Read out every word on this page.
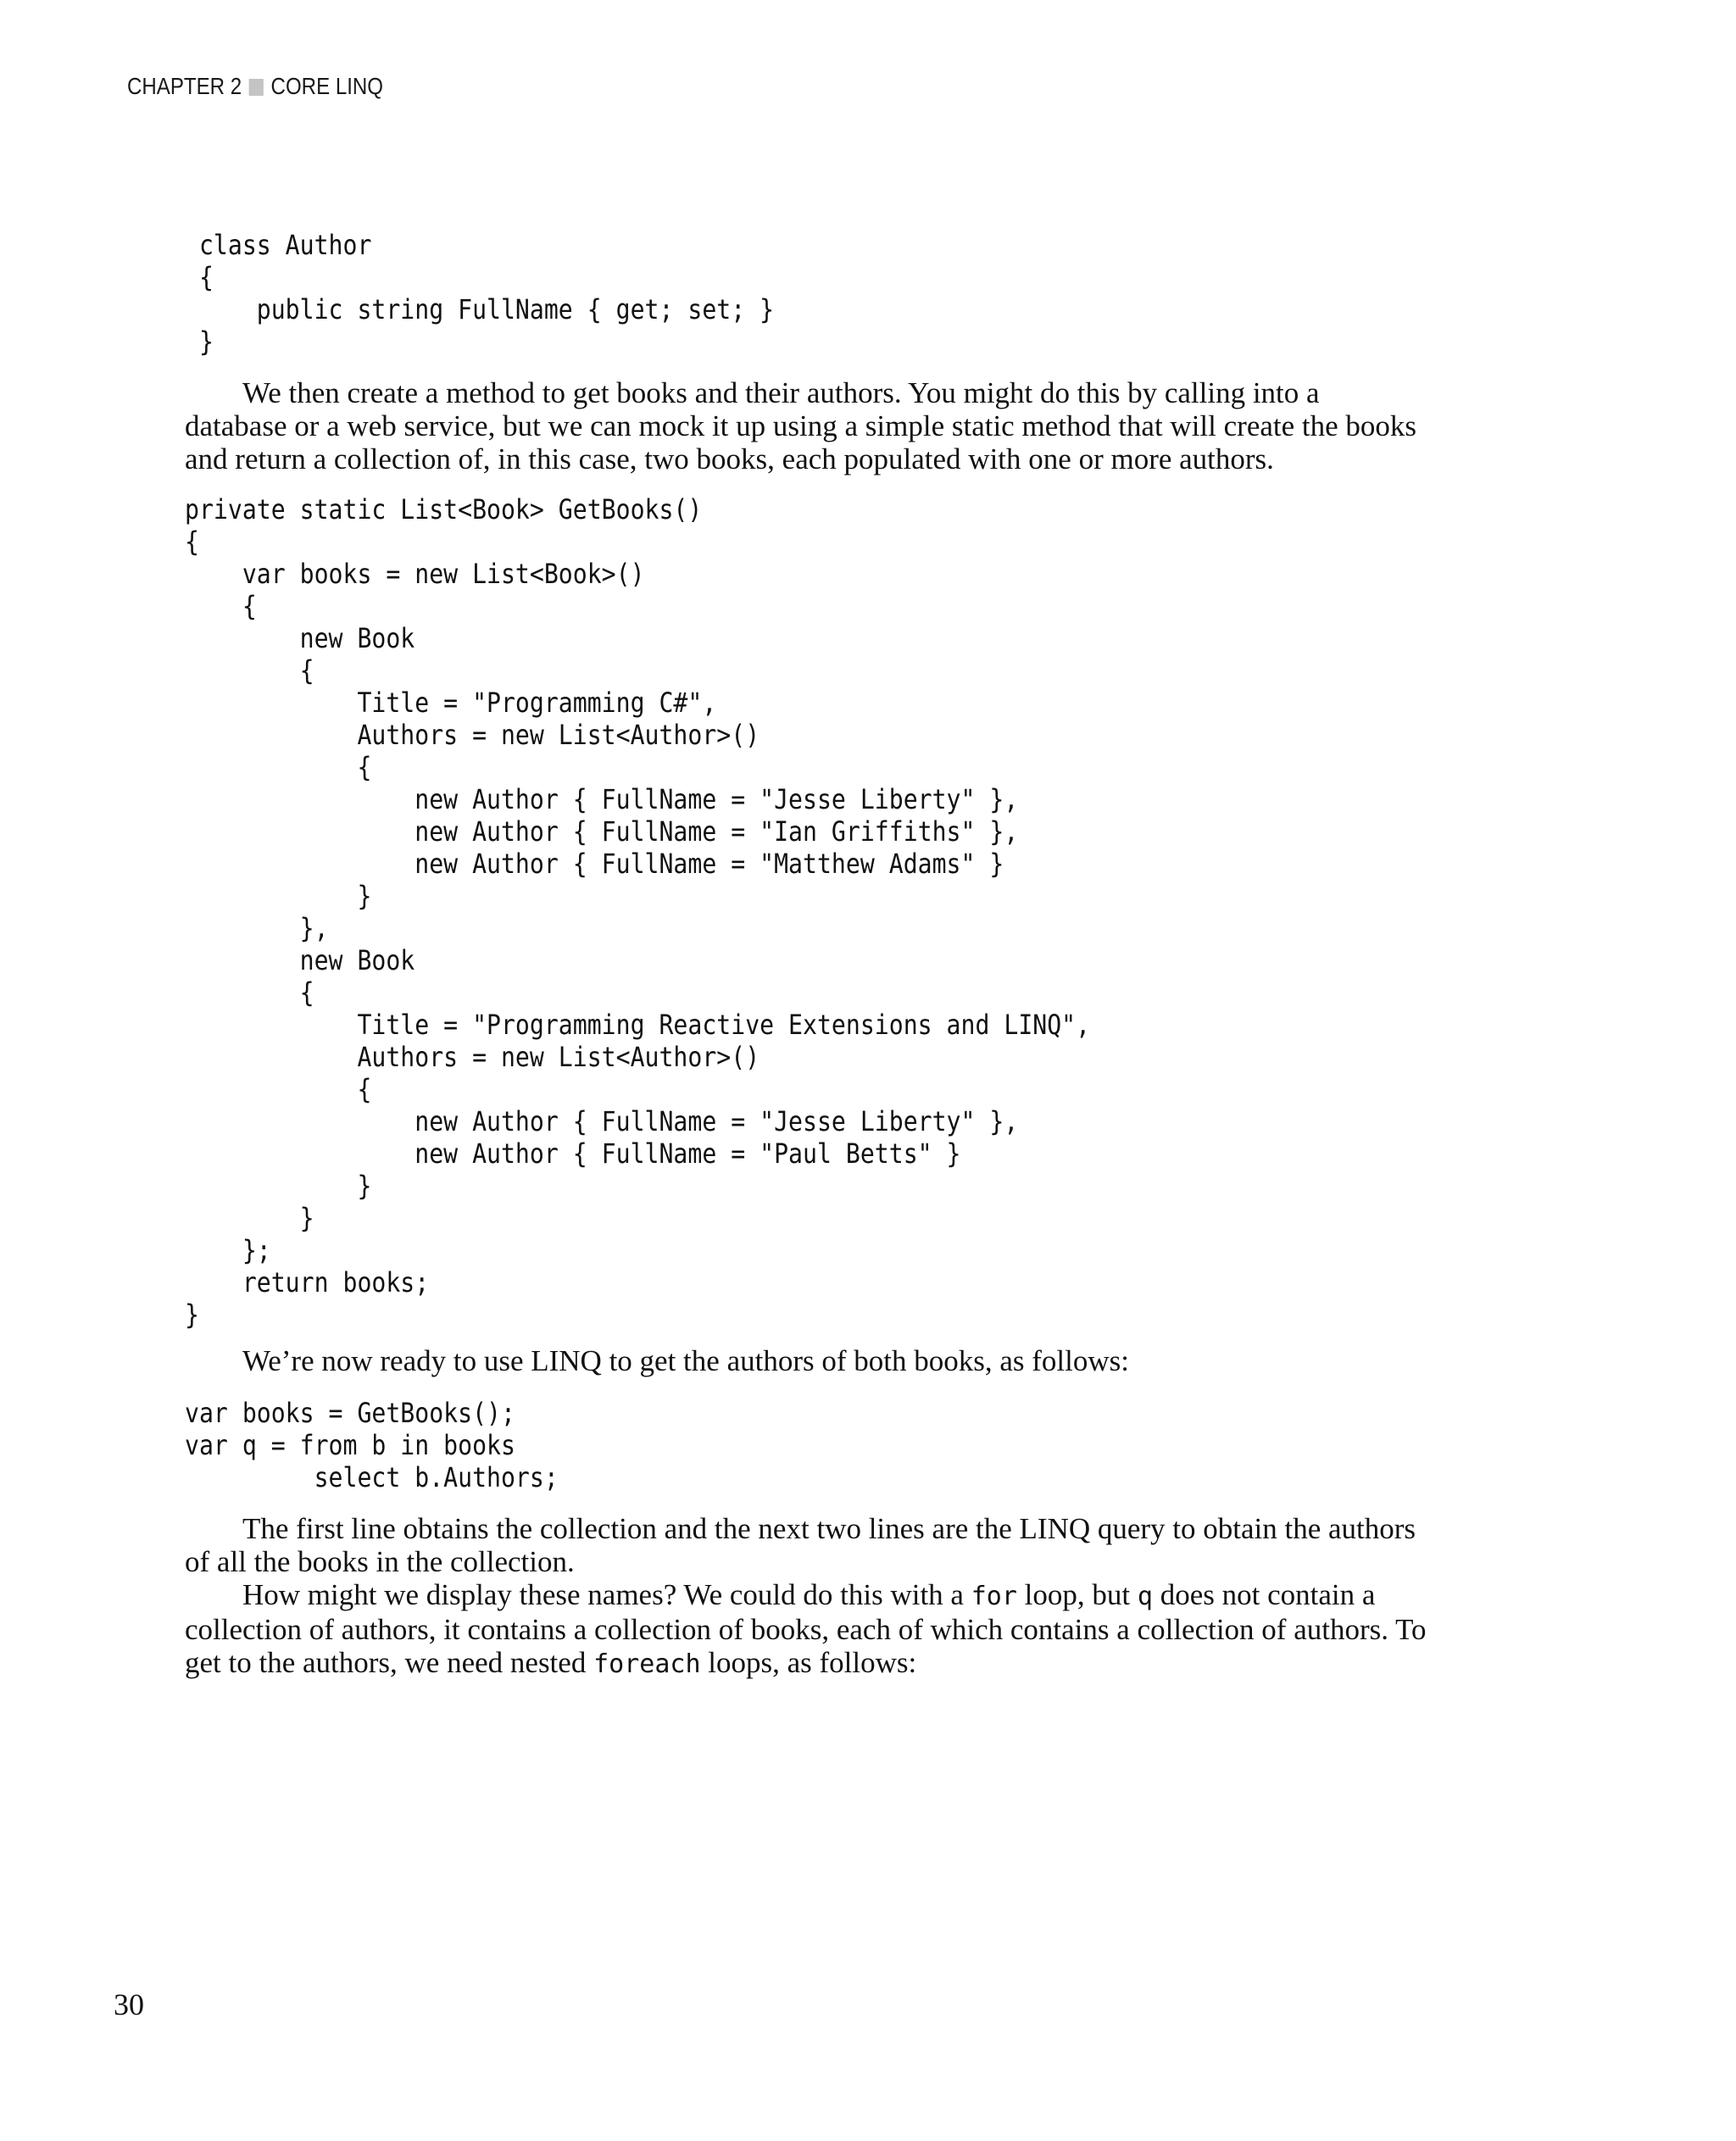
CHAPTER 2 CORE LINQ
class Author
{
public string FullName { get; set; }
}
We then create a method to get books and their authors. You might do this by calling into a
database or a web service, but we can mock it up using a simple static method that will create the books
and return a collection of, in this case, two books, each populated with one or more authors.
private static List<Book> GetBooks()
{
var books = new List<Book>()
{
new Book
{
Title = "Programming C#",
Authors = new List<Author>()
{
new Author { FullName = "Jesse Liberty" },
new Author { FullName = "Ian Griffiths" },
new Author { FullName = "Matthew Adams" }
}
},
new Book
{
Title = "Programming Reactive Extensions and LINQ",
Authors = new List<Author>()
{
new Author { FullName = "Jesse Liberty" },
new Author { FullName = "Paul Betts" }
}
}
};
return books;
}
We’re now ready to use LINQ to get the authors of both books, as follows:
var books = GetBooks();
var q = from b in books
select b.Authors;
The first line obtains the collection and the next two lines are the LINQ query to obtain the authors
of all the books in the collection.
How might we display these names? We could do this with a for loop, but q does not contain a
collection of authors, it contains a collection of books, each of which contains a collection of authors. To
get to the authors, we need nested foreach loops, as follows:
30
